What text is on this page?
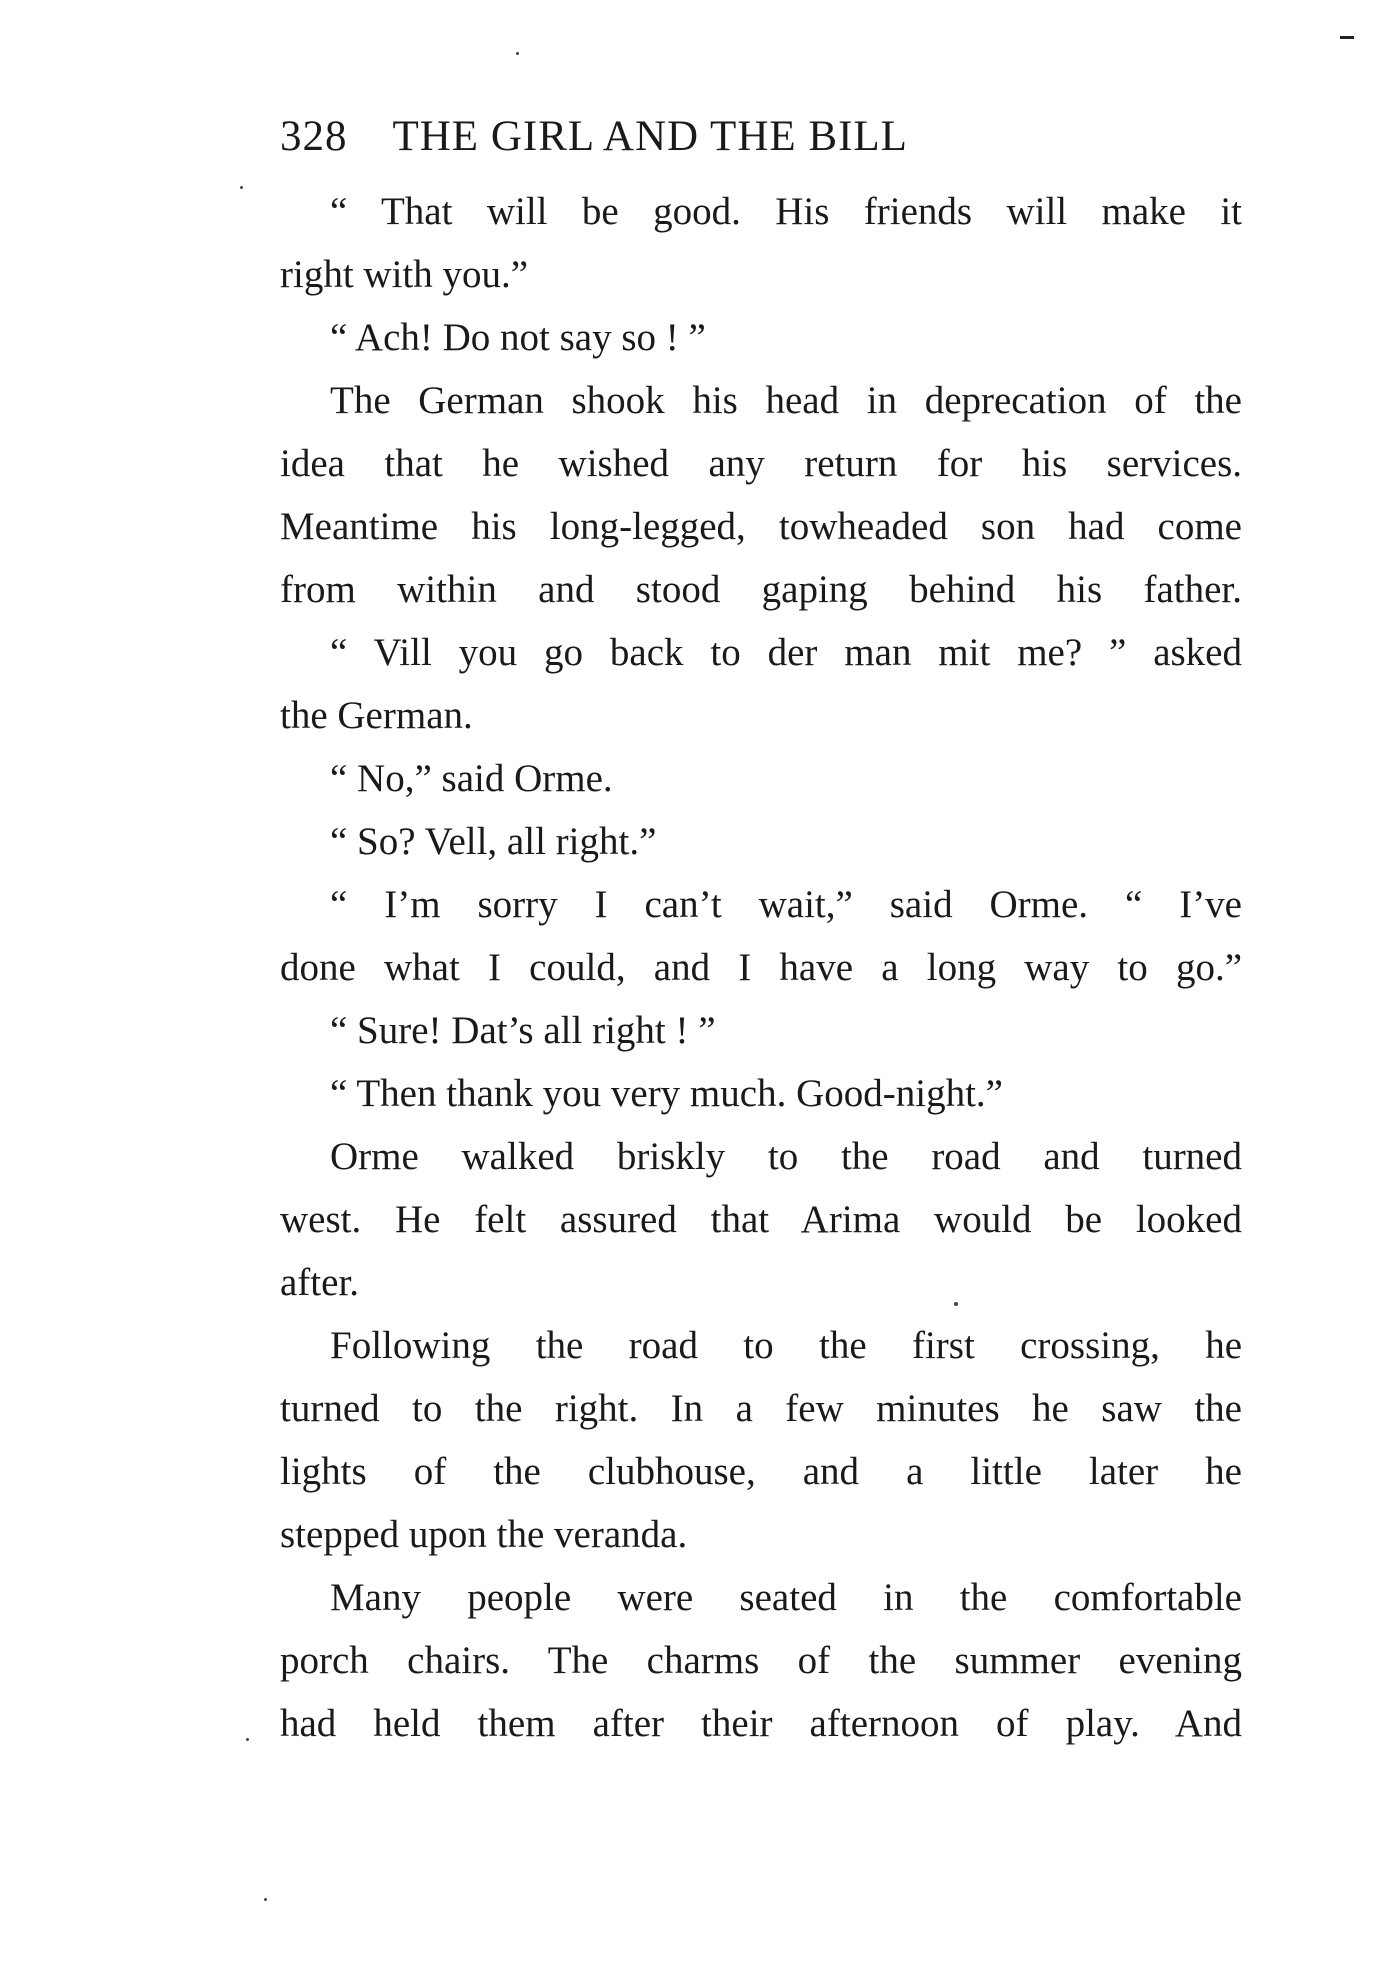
328 THE GIRL AND THE BILL
“ That will be good. His friends will make it
right with you.”
“ Ach! Do not say so ! ”
The German shook his head in deprecation of the
idea that he wished any return for his services.
Meantime his long-legged, towheaded son had come
from within and stood gaping behind his father.
“ Vill you go back to der man mit me? ” asked
the German.
“ No,” said Orme.
“ So? Vell, all right.”
“ I’m sorry I can’t wait,” said Orme. “ I’ve
done what I could, and I have a long way to go.”
“ Sure! Dat’s all right ! ”
“ Then thank you very much. Good-night.”
Orme walked briskly to the road and turned
west. He felt assured that Arima would be looked
after.
Following the road to the first crossing, he
turned to the right. In a few minutes he saw the
lights of the clubhouse, and a little later he
stepped upon the veranda.
Many people were seated in the comfortable
porch chairs. The charms of the summer evening
had held them after their afternoon of play. And
